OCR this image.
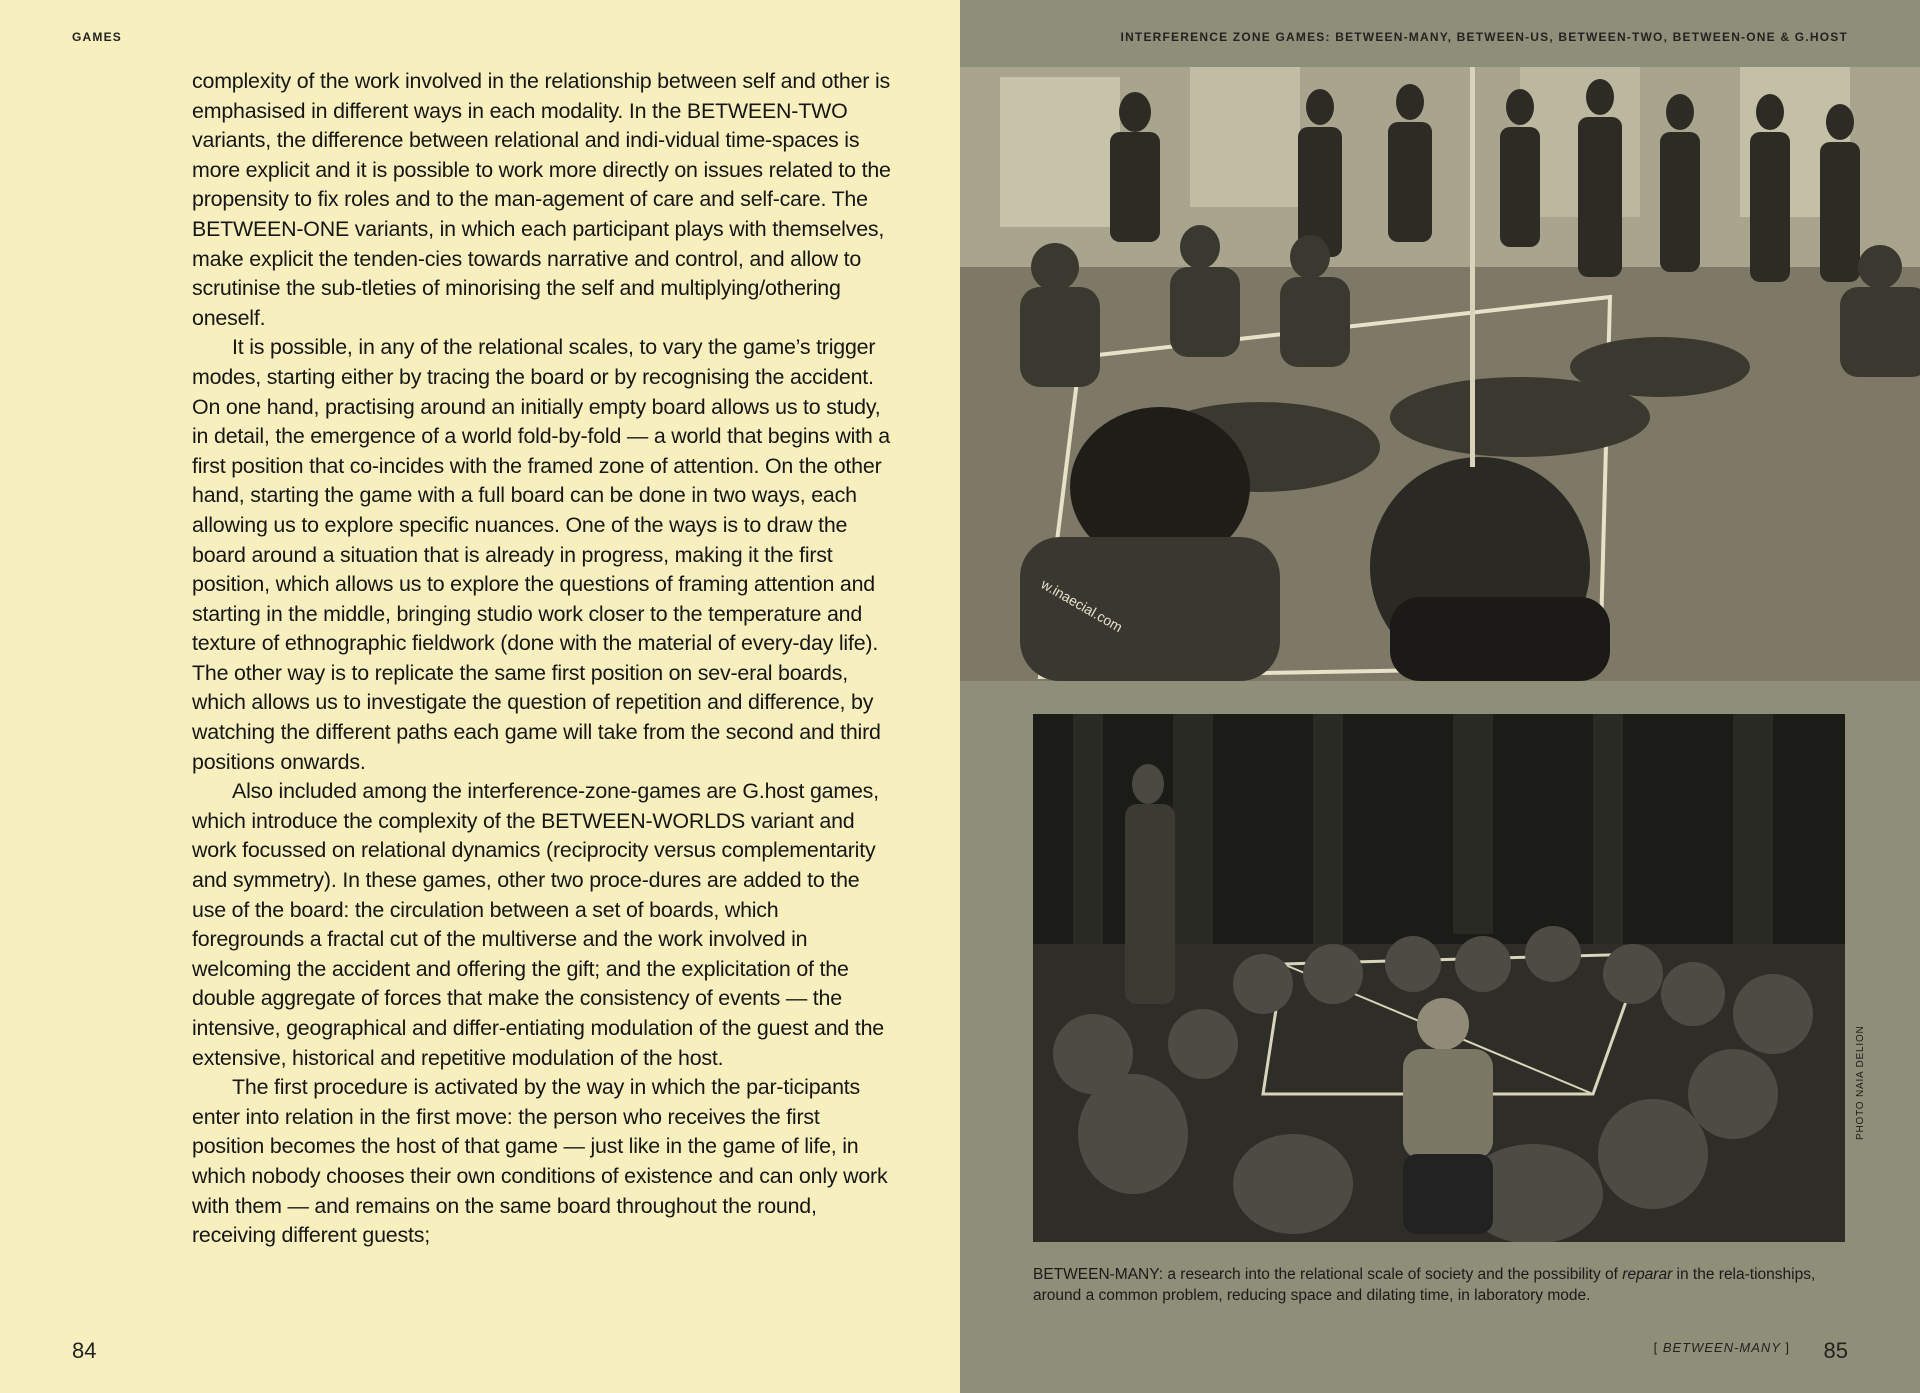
GAMES

complexity of the work involved in the relationship between self and other is emphasised in different ways in each modality. In the BETWEEN-TWO variants, the difference between relational and indi-vidual time-spaces is more explicit and it is possible to work more directly on issues related to the propensity to fix roles and to the man-agement of care and self-care. The BETWEEN-ONE variants, in which each participant plays with themselves, make explicit the tenden-cies towards narrative and control, and allow to scrutinise the sub-tleties of minorising the self and multiplying/othering oneself.

It is possible, in any of the relational scales, to vary the game’s trigger modes, starting either by tracing the board or by recognising the accident. On one hand, practising around an initially empty board allows us to study, in detail, the emergence of a world fold-by-fold — a world that begins with a first position that co-incides with the framed zone of attention. On the other hand, starting the game with a full board can be done in two ways, each allowing us to explore specific nuances. One of the ways is to draw the board around a situation that is already in progress, making it the first position, which allows us to explore the questions of framing attention and starting in the middle, bringing studio work closer to the temperature and texture of ethnographic fieldwork (done with the material of every-day life). The other way is to replicate the same first position on sev-eral boards, which allows us to investigate the question of repetition and difference, by watching the different paths each game will take from the second and third positions onwards.

Also included among the interference-zone-games are G.host games, which introduce the complexity of the BETWEEN-WORLDS variant and work focussed on relational dynamics (reciprocity versus complementarity and symmetry). In these games, other two proce-dures are added to the use of the board: the circulation between a set of boards, which foregrounds a fractal cut of the multiverse and the work involved in welcoming the accident and offering the gift; and the explicitation of the double aggregate of forces that make the consistency of events — the intensive, geographical and differ-entiating modulation of the guest and the extensive, historical and repetitive modulation of the host.

The first procedure is activated by the way in which the par-ticipants enter into relation in the first move: the person who receives the first position becomes the host of that game — just like in the game of life, in which nobody chooses their own conditions of existence and can only work with them — and remains on the same board throughout the round, receiving different guests;

84
INTERFERENCE ZONE GAMES: BETWEEN-MANY, BETWEEN-US, BETWEEN-TWO, BETWEEN-ONE & G.HOST
w.inaecial.com
BETWEEN-MANY: a research into the relational scale of society and the possibility of reparar in the rela-tionships, around a common problem, reducing space and dilating time, in laboratory mode.
PHOTO NAIA DELION
[ BETWEEN-MANY ] 85
